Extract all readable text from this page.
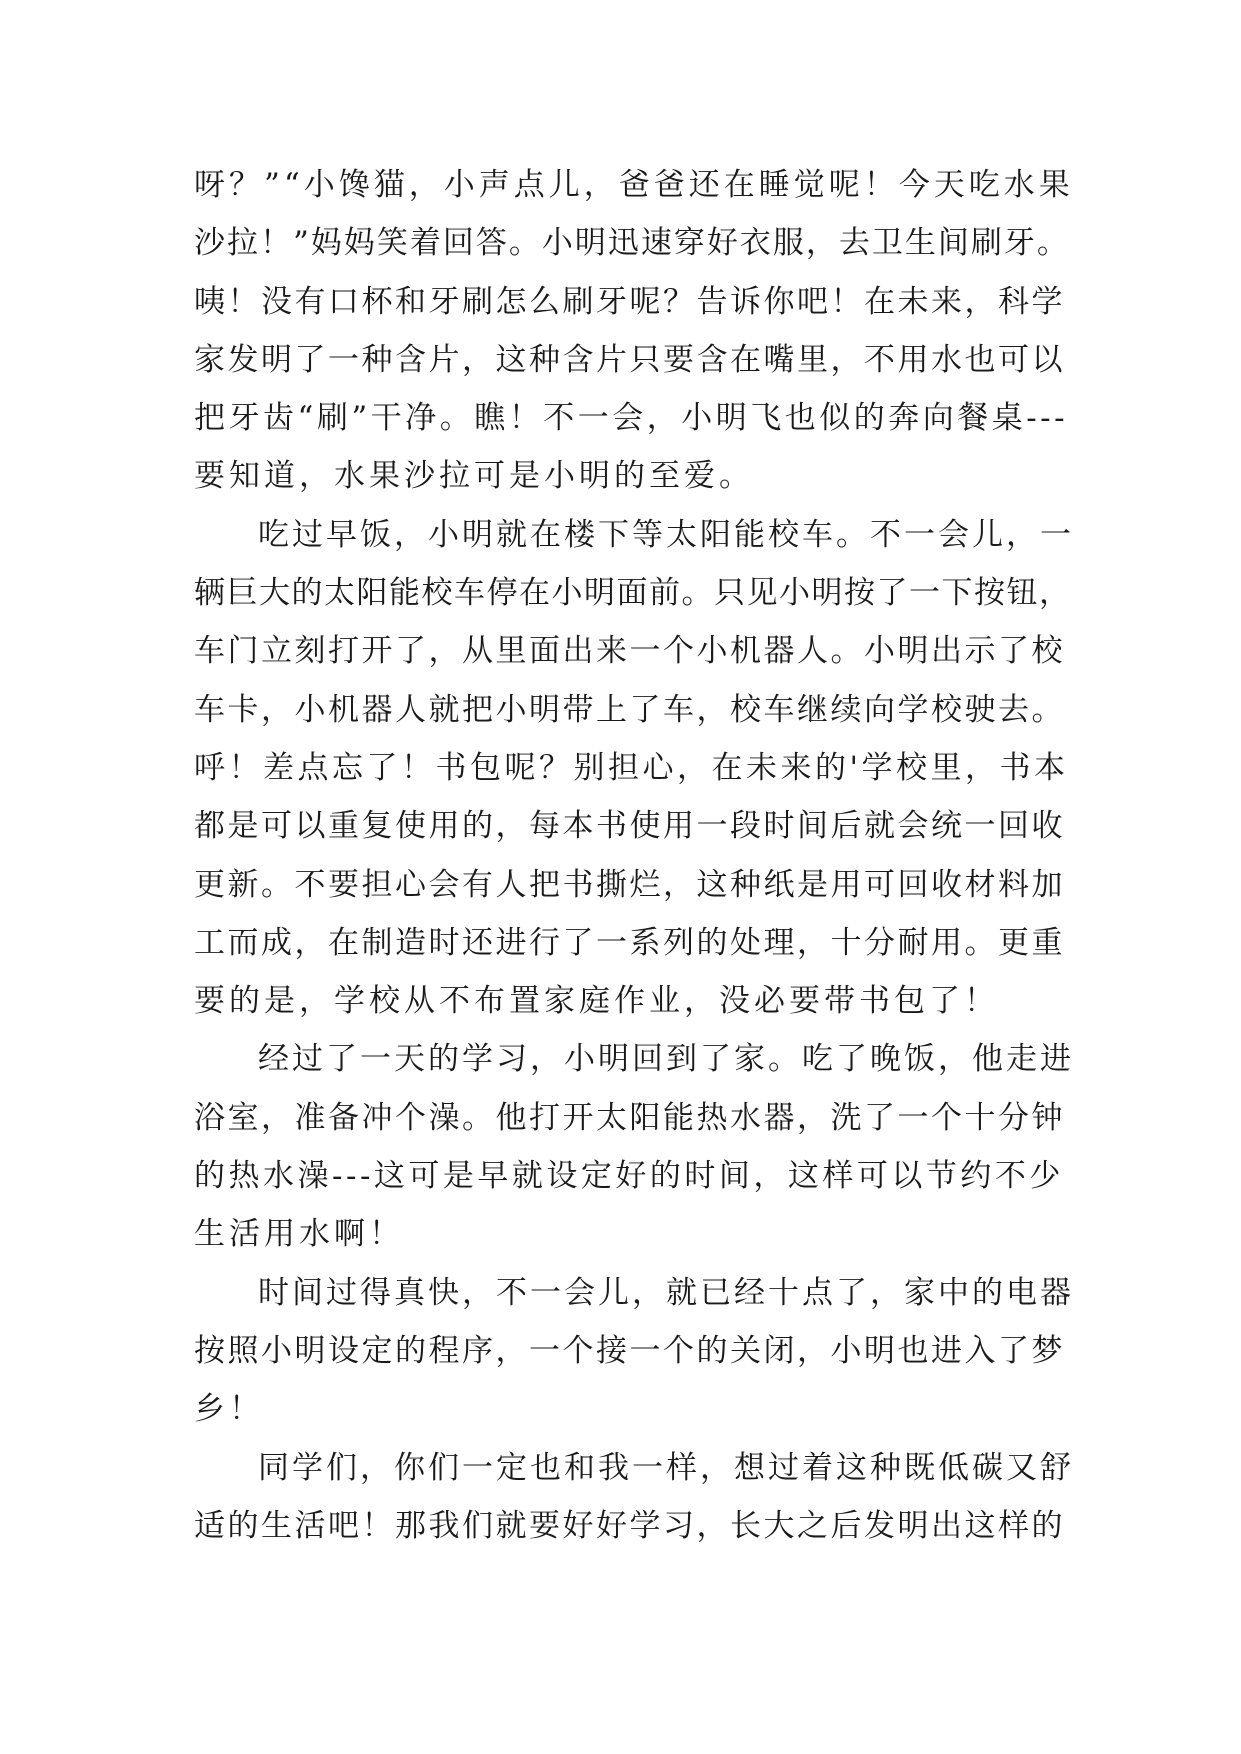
呀？”“小馋猫，小声点儿，爸爸还在睡觉呢！今天吃水果
沙拉！”妈妈笑着回答。小明迅速穿好衣服，去卫生间刷牙。
咦！没有口杯和牙刷怎么刷牙呢？告诉你吧！在未来，科学
家发明了一种含片，这种含片只要含在嘴里，不用水也可以
把牙齿“刷”干净。瞧！不一会，小明飞也似的奔向餐桌---
要知道，水果沙拉可是小明的至爱。
吃过早饭，小明就在楼下等太阳能校车。不一会儿，一
辆巨大的太阳能校车停在小明面前。只见小明按了一下按钮，
车门立刻打开了，从里面出来一个小机器人。小明出示了校
车卡，小机器人就把小明带上了车，校车继续向学校驶去。
呼！差点忘了！书包呢？别担心，在未来的'学校里，书本
都是可以重复使用的，每本书使用一段时间后就会统一回收
更新。不要担心会有人把书撕烂，这种纸是用可回收材料加
工而成，在制造时还进行了一系列的处理，十分耐用。更重
要的是，学校从不布置家庭作业，没必要带书包了！
经过了一天的学习，小明回到了家。吃了晚饭，他走进
浴室，准备冲个澡。他打开太阳能热水器，洗了一个十分钟
的热水澡---这可是早就设定好的时间，这样可以节约不少
生活用水啊！
时间过得真快，不一会儿，就已经十点了，家中的电器
按照小明设定的程序，一个接一个的关闭，小明也进入了梦
乡！
同学们，你们一定也和我一样，想过着这种既低碳又舒
适的生活吧！那我们就要好好学习，长大之后发明出这样的
